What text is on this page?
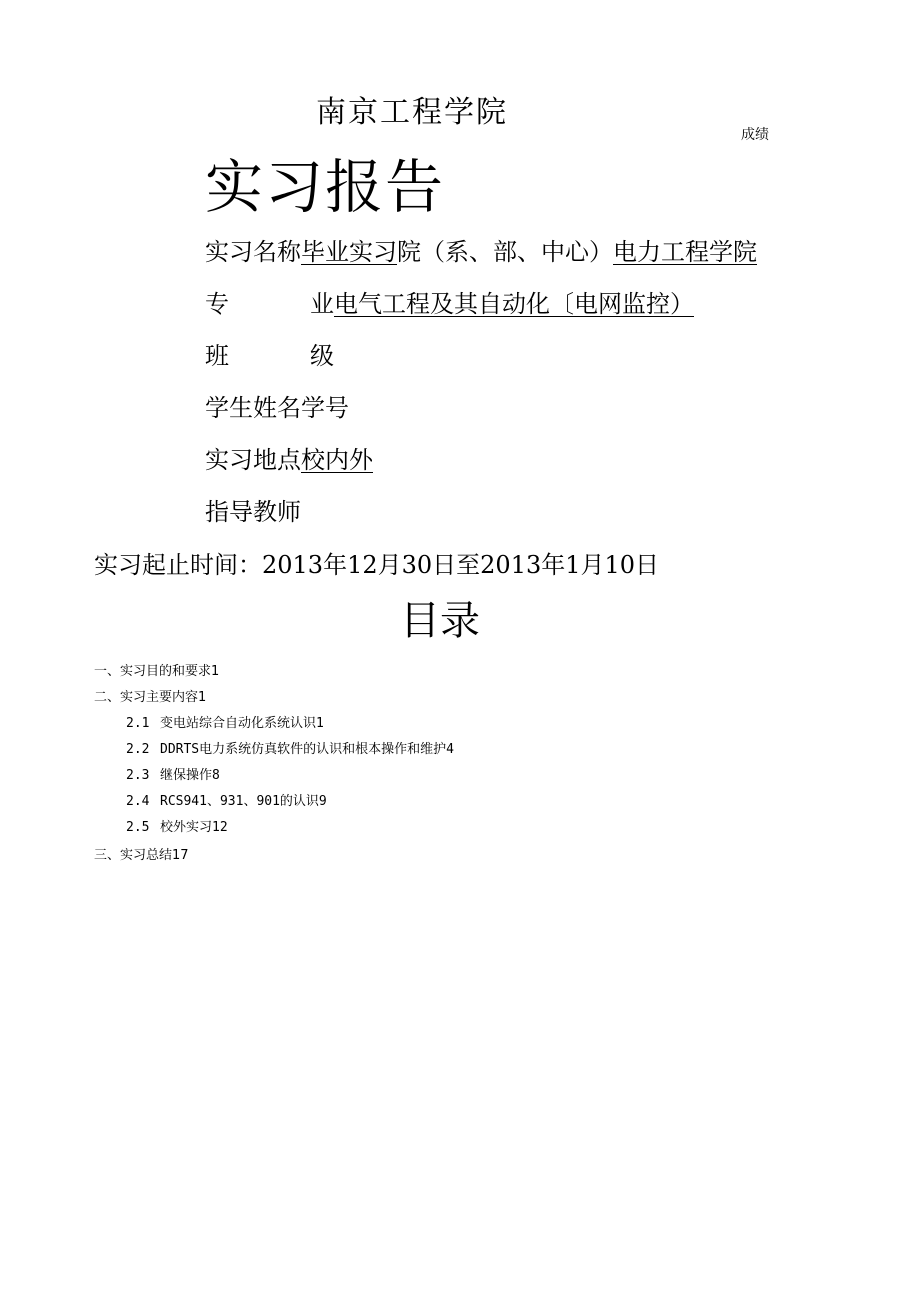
南京工程学院
成绩
实习报告
实习名称毕业实习院（系、部、中心）电力工程学院
专	业电气工程及其自动化〔电网监控）
班	级
学生姓名学号
实习地点校内外
指导教师
实习起止时间：2013年12月30日至2013年1月10日
目录
一、实习目的和要求1
二、实习主要内容1
2.1 变电站综合自动化系统认识1
2.2 DDRTS电力系统仿真软件的认识和根本操作和维护4
2.3 继保操作8
2.4 RCS941、931、901的认识9
2.5 校外实习12
三、实习总结17
